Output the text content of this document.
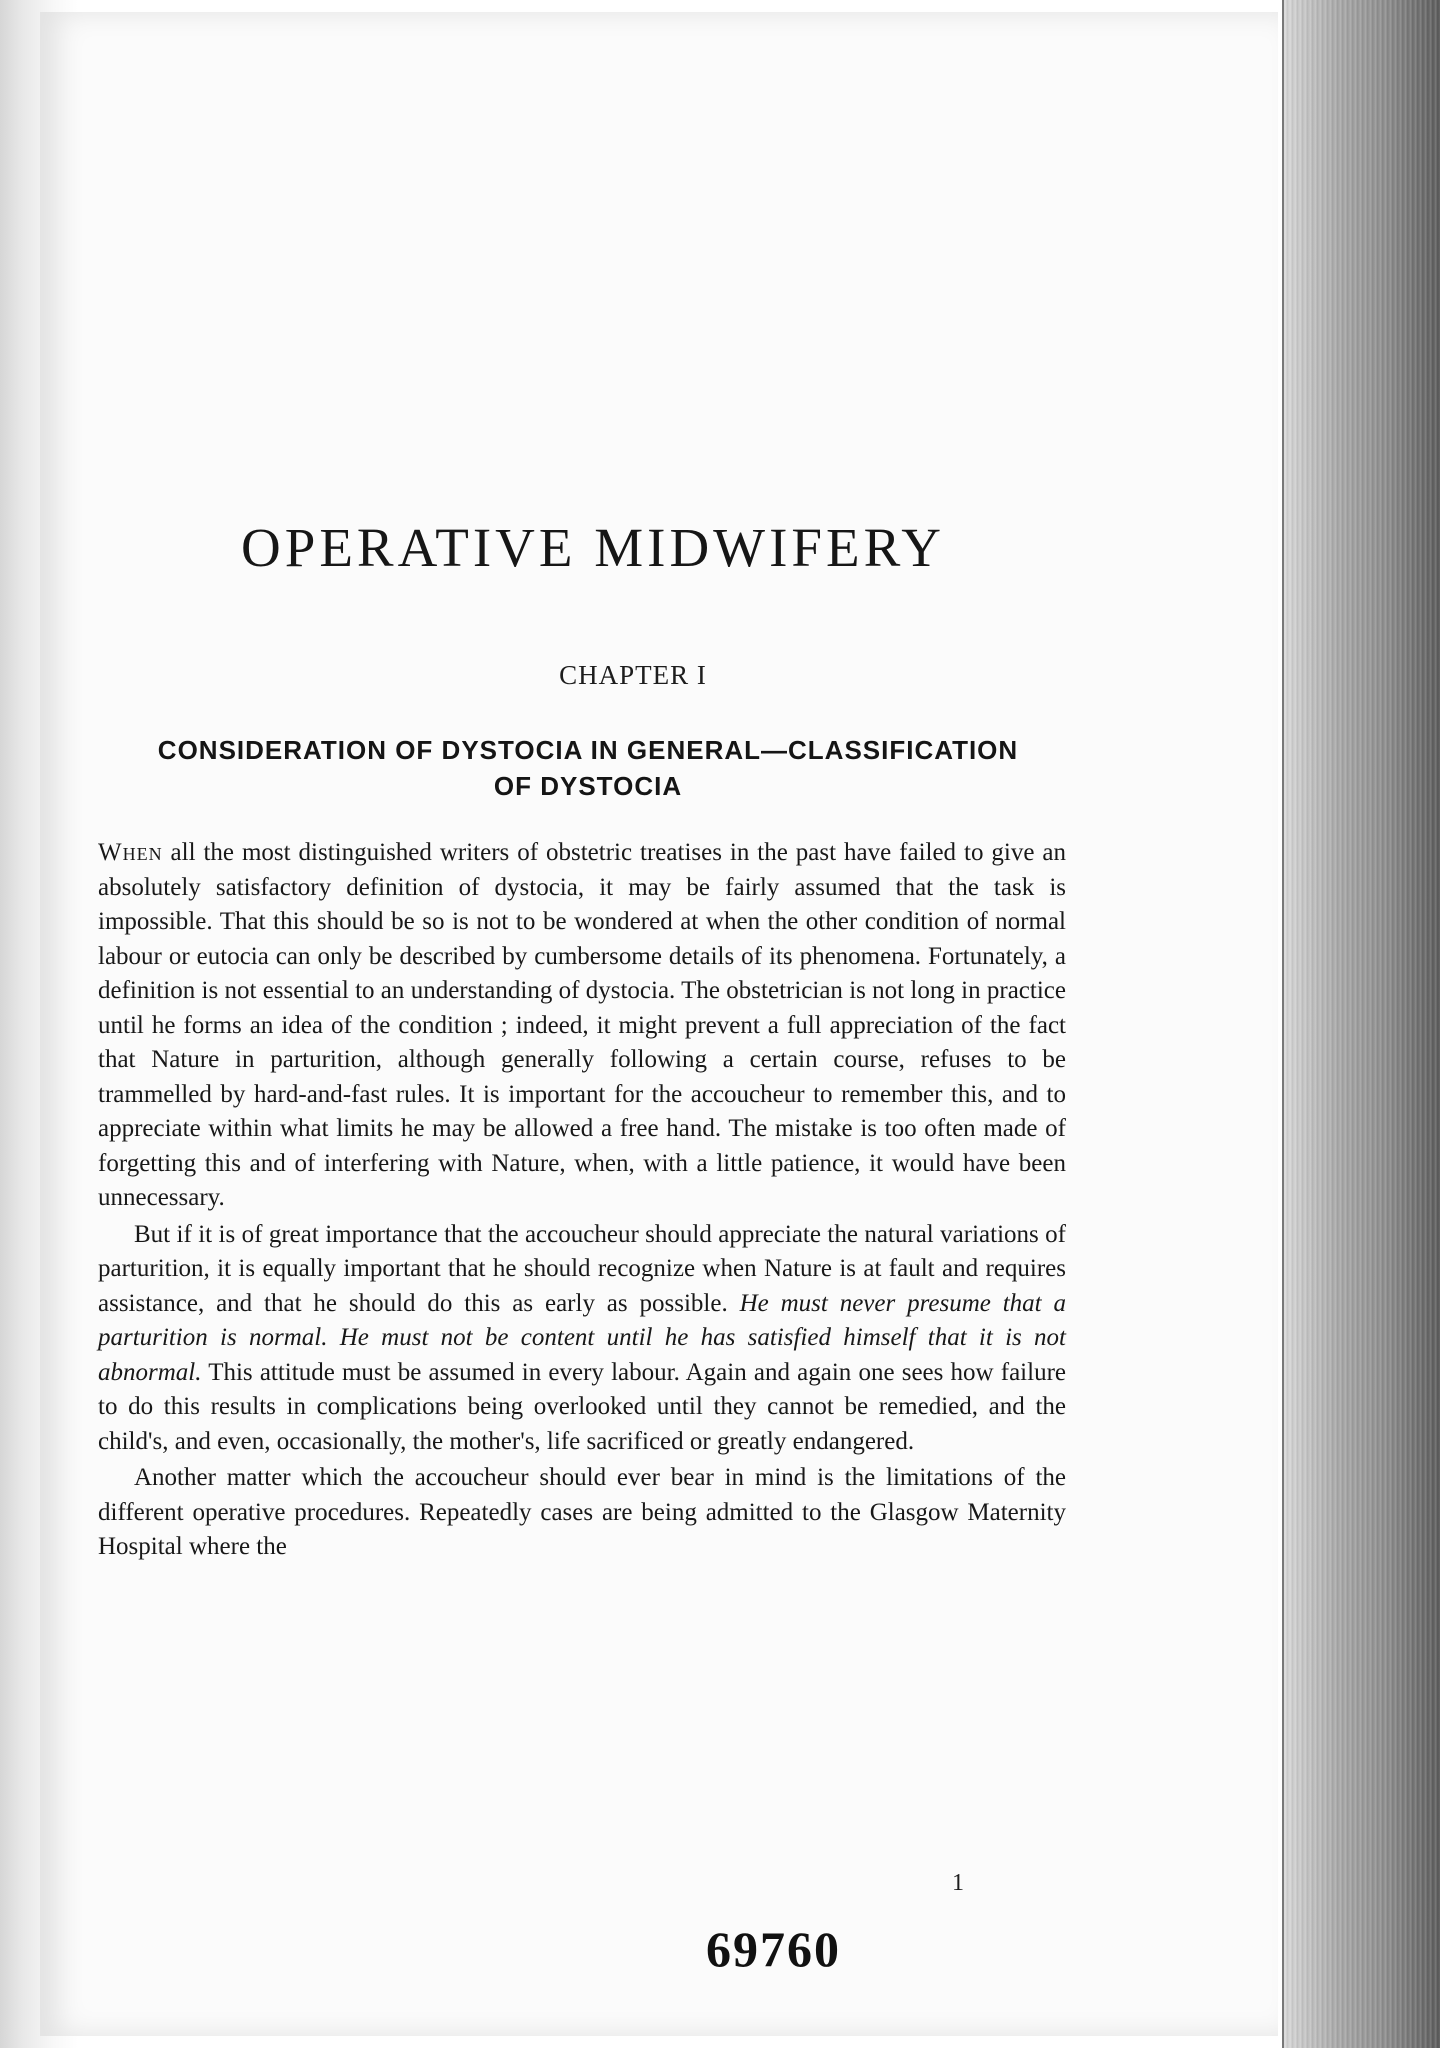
OPERATIVE MIDWIFERY
CHAPTER I
CONSIDERATION OF DYSTOCIA IN GENERAL—CLASSIFICATION
OF DYSTOCIA

When all the most distinguished writers of obstetric treatises in the past have failed to give an absolutely satisfactory definition of dystocia, it may be fairly assumed that the task is impossible. That this should be so is not to be wondered at when the other condition of normal labour or eutocia can only be described by cumbersome details of its phenomena. Fortunately, a definition is not essential to an understanding of dystocia. The obstetrician is not long in practice until he forms an idea of the condition ; indeed, it might prevent a full appreciation of the fact that Nature in parturition, although generally following a certain course, refuses to be trammelled by hard-and-fast rules. It is important for the accoucheur to remember this, and to appreciate within what limits he may be allowed a free hand. The mistake is too often made of forgetting this and of interfering with Nature, when, with a little patience, it would have been unnecessary.

But if it is of great importance that the accoucheur should appreciate the natural variations of parturition, it is equally important that he should recognize when Nature is at fault and requires assistance, and that he should do this as early as possible. He must never presume that a parturition is normal. He must not be content until he has satisfied himself that it is not abnormal. This attitude must be assumed in every labour. Again and again one sees how failure to do this results in complications being overlooked until they cannot be remedied, and the child's, and even, occasionally, the mother's, life sacrificed or greatly endangered.

Another matter which the accoucheur should ever bear in mind is the limitations of the different operative procedures. Repeatedly cases are being admitted to the Glasgow Maternity Hospital where the

1
69760
